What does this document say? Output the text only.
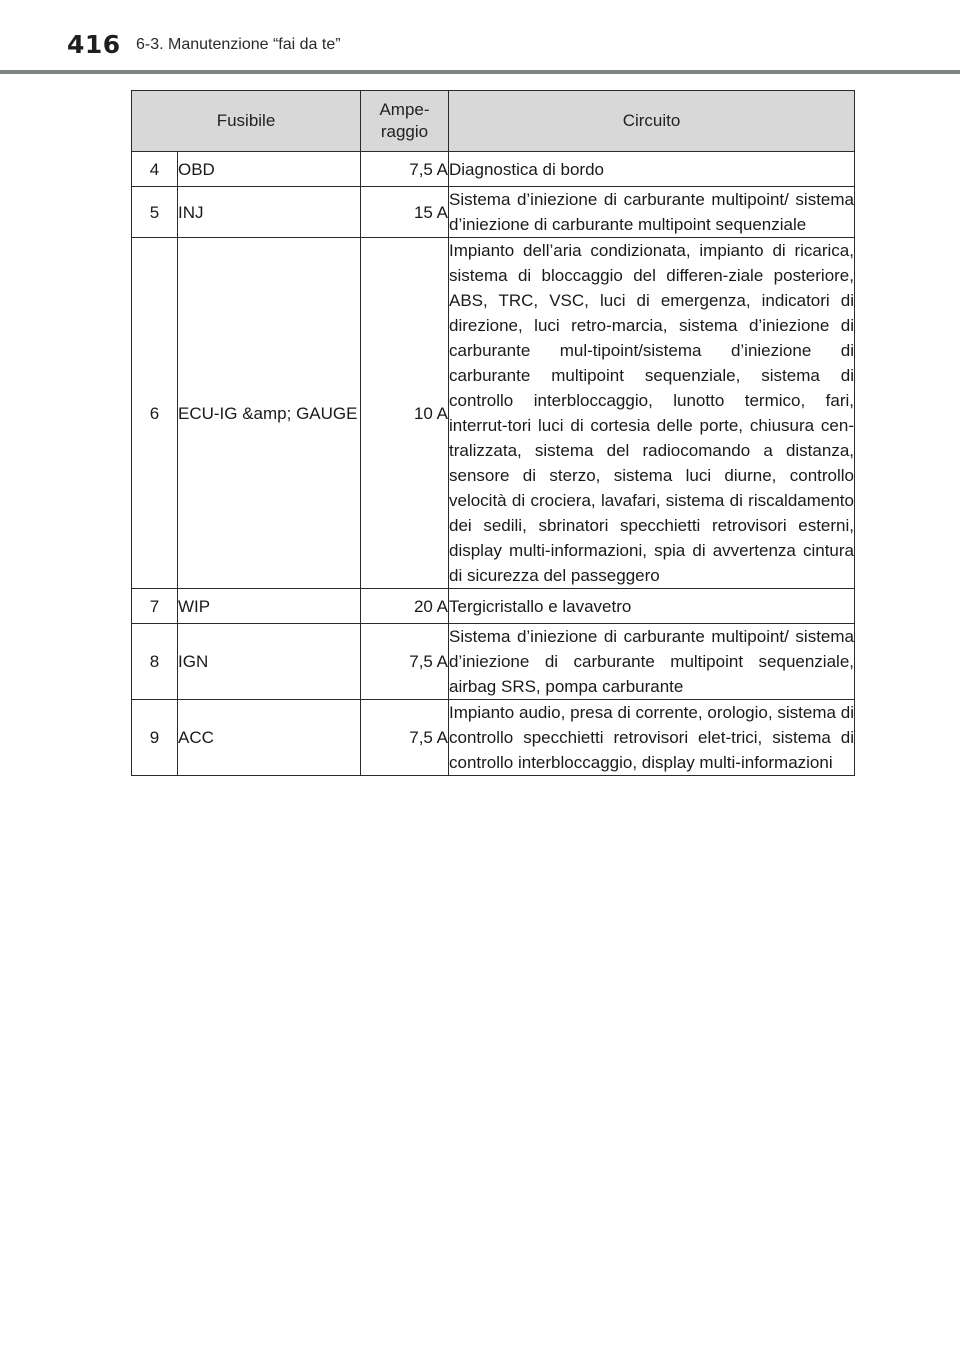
416 6-3. Manutenzione “fai da te”
Fusibile		Ampe-
raggio	Circuito
4	OBD	7,5 A	Diagnostica di bordo
5	INJ	15 A	Sistema d’iniezione di carburante multipoint/ sistema d’iniezione di carburante multipoint sequenziale
6	ECU-IG &amp; GAUGE	10 A	Impianto dell’aria condizionata, impianto di ricarica, sistema di bloccaggio del differen-ziale posteriore, ABS, TRC, VSC, luci di emergenza, indicatori di direzione, luci retro-marcia, sistema d’iniezione di carburante mul-tipoint/sistema d’iniezione di carburante multipoint sequenziale, sistema di controllo interbloccaggio, lunotto termico, fari, interrut-tori luci di cortesia delle porte, chiusura cen-tralizzata, sistema del radiocomando a distanza, sensore di sterzo, sistema luci diurne, controllo velocità di crociera, lavafari, sistema di riscaldamento dei sedili, sbrinatori specchietti retrovisori esterni, display multi-informazioni, spia di avvertenza cintura di sicurezza del passeggero
7	WIP	20 A	Tergicristallo e lavavetro
8	IGN	7,5 A	Sistema d’iniezione di carburante multipoint/ sistema d’iniezione di carburante multipoint sequenziale, airbag SRS, pompa carburante
9	ACC	7,5 A	Impianto audio, presa di corrente, orologio, sistema di controllo specchietti retrovisori elet-trici, sistema di controllo interbloccaggio, display multi-informazioni
